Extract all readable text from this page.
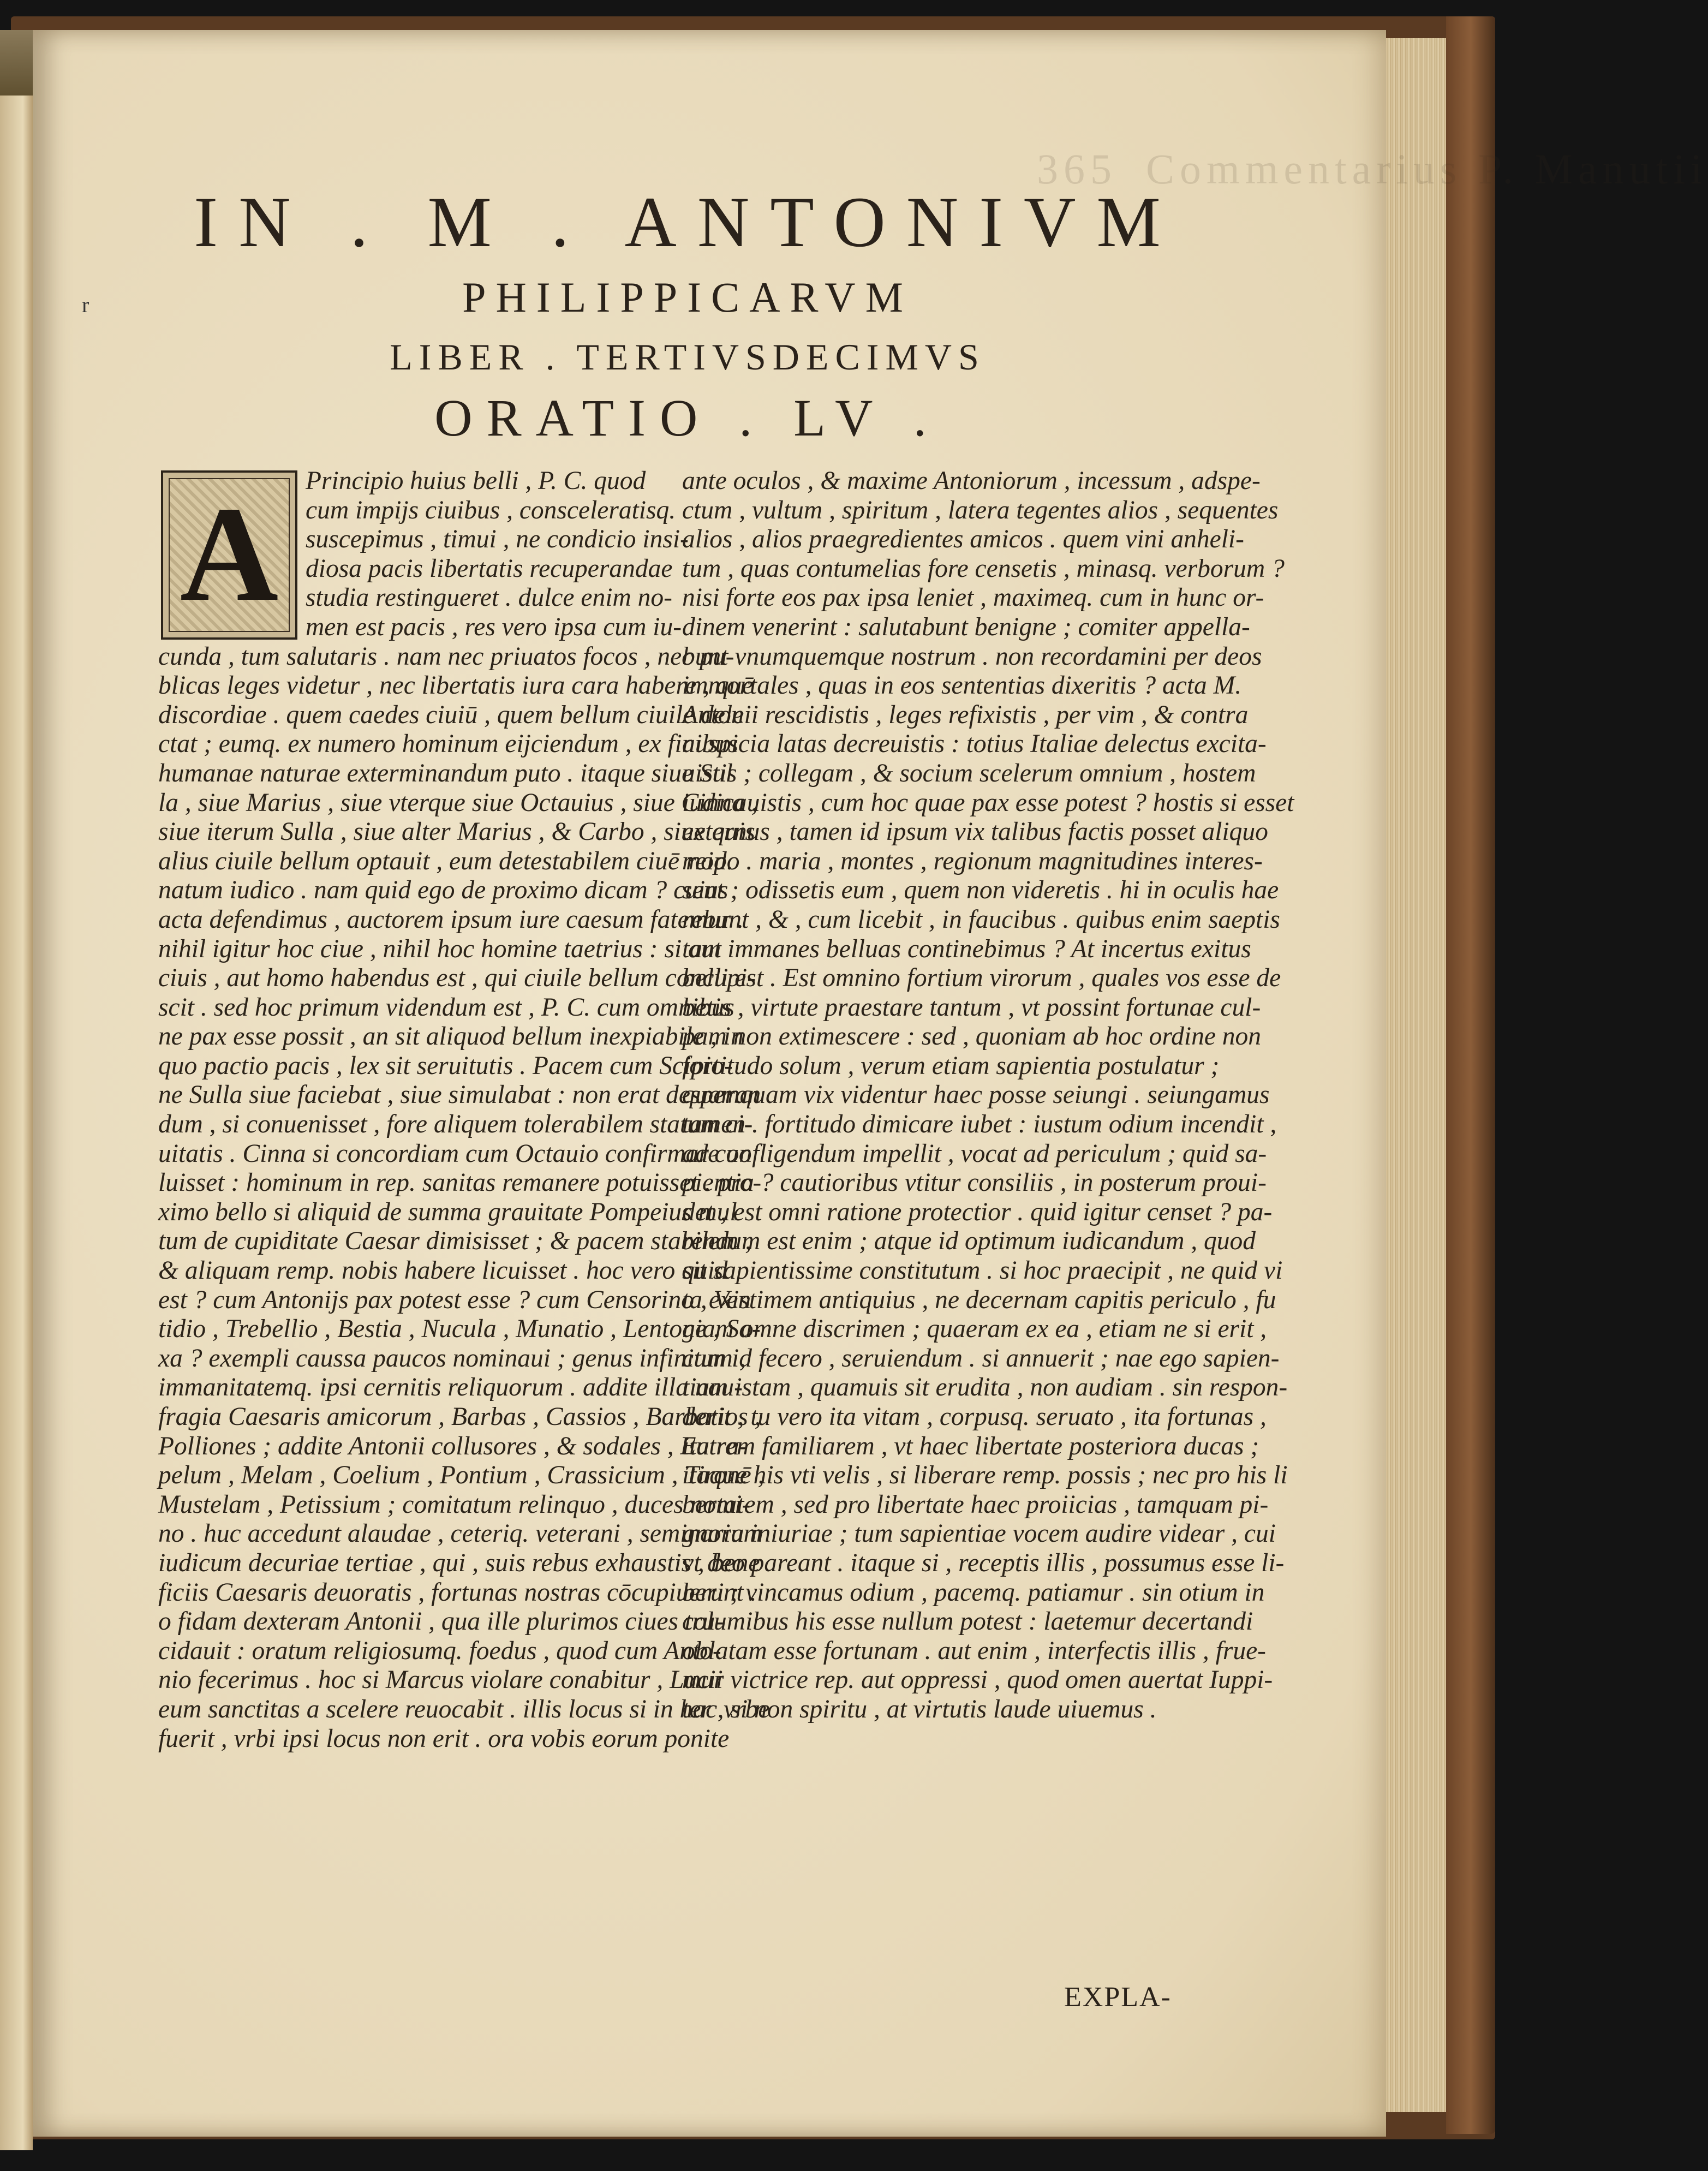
365 Commentarius P. Manutii
r
IN . M . ANTONIVM
PHILIPPICARVM
LIBER . TERTIVSDECIMVS
ORATIO . LV .
A	Principio huius belli , P. C. quod
cum impijs ciuibus , consceleratisq.
suscepimus , timui , ne condicio insi-
diosa pacis libertatis recuperandae
studia restingueret . dulce enim no-
men est pacis , res vero ipsa cum iu-
cunda , tum salutaris . nam nec priuatos focos , nec pu-
blicas leges videtur , nec libertatis iura cara habere , quē
discordiae . quem caedes ciuiū , quem bellum ciuile dele
ctat ; eumq. ex numero hominum eijciendum , ex finibus
humanae naturae exterminandum puto . itaque siue Sul
la , siue Marius , siue vterque siue Octauius , siue Cinna ,
siue iterum Sulla , siue alter Marius , & Carbo , siue quis
alius ciuile bellum optauit , eum detestabilem ciuē reip.
natum iudico . nam quid ego de proximo dicam ? cuius
acta defendimus , auctorem ipsum iure caesum fatemur .
nihil igitur hoc ciue , nihil hoc homine taetrius : si aut
ciuis , aut homo habendus est , qui ciuile bellum concupi-
scit . sed hoc primum videndum est , P. C. cum omnibus
ne pax esse possit , an sit aliquod bellum inexpiabile , in
quo pactio pacis , lex sit seruitutis . Pacem cum Scipio-
ne Sulla siue faciebat , siue simulabat : non erat desperan
dum , si conuenisset , fore aliquem tolerabilem statum ci-
uitatis . Cinna si concordiam cum Octauio confirmare uo
luisset : hominum in rep. sanitas remanere potuisset . pro-
ximo bello si aliquid de summa grauitate Pompeius mul
tum de cupiditate Caesar dimisisset ; & pacem stabilem ,
& aliquam remp. nobis habere licuisset . hoc vero quid
est ? cum Antonijs pax potest esse ? cum Censorino , Ven
tidio , Trebellio , Bestia , Nucula , Munatio , Lentone , Sa-
xa ? exempli caussa paucos nominaui ; genus infinitum ,
immanitatemq. ipsi cernitis reliquorum . addite illa nau-
fragia Caesaris amicorum , Barbas , Cassios , Barbatios ,
Polliones ; addite Antonii collusores , & sodales , Eutra-
pelum , Melam , Coelium , Pontium , Crassicium , Tironē ,
Mustelam , Petissium ; comitatum relinquo , duces nomi-
no . huc accedunt alaudae , ceteriq. veterani , seminarium
iudicum decuriae tertiae , qui , suis rebus exhaustis , bene
ficiis Caesaris deuoratis , fortunas nostras cōcupiuerunt .
o fidam dexteram Antonii , qua ille plurimos ciues tru-
cidauit : oratum religiosumq. foedus , quod cum Anto-
nio fecerimus . hoc si Marcus violare conabitur , Lucii
eum sanctitas a scelere reuocabit . illis locus si in hac vrbe
fuerit , vrbi ipsi locus non erit . ora vobis eorum ponite
ante oculos , & maxime Antoniorum , incessum , adspe-
ctum , vultum , spiritum , latera tegentes alios , sequentes
alios , alios praegredientes amicos . quem vini anheli-
tum , quas contumelias fore censetis , minasq. verborum ?
nisi forte eos pax ipsa leniet , maximeq. cum in hunc or-
dinem venerint : salutabunt benigne ; comiter appella-
bunt vnumquemque nostrum . non recordamini per deos
immortales , quas in eos sententias dixeritis ? acta M.
Antonii rescidistis , leges refixistis , per vim , & contra
auspicia latas decreuistis : totius Italiae delectus excita-
uistis ; collegam , & socium scelerum omnium , hostem
iudicauistis , cum hoc quae pax esse potest ? hostis si esset
externus , tamen id ipsum vix talibus factis posset aliquo
modo . maria , montes , regionum magnitudines interes-
sent ; odissetis eum , quem non videretis . hi in oculis hae
rebunt , & , cum licebit , in faucibus . quibus enim saeptis
tam immanes belluas continebimus ? At incertus exitus
belli est . Est omnino fortium virorum , quales vos esse de
betis , virtute praestare tantum , vt possint fortunae cul-
pam non extimescere : sed , quoniam ab hoc ordine non
fortitudo solum , verum etiam sapientia postulatur ;
quamquam vix videntur haec posse seiungi . seiungamus
tamen . fortitudo dimicare iubet : iustum odium incendit ,
ad confligendum impellit , vocat ad periculum ; quid sa-
pientia ? cautioribus vtitur consiliis , in posterum proui-
det , est omni ratione protectior . quid igitur censet ? pa-
rendum est enim ; atque id optimum iudicandum , quod
sit sapientissime constitutum . si hoc praecipit , ne quid vi
ta existimem antiquius , ne decernam capitis periculo , fu
giam omne discrimen ; quaeram ex ea , etiam ne si erit ,
cum id fecero , seruiendum . si annuerit ; nae ego sapien-
tiam istam , quamuis sit erudita , non audiam . sin respon-
derit , tu vero ita vitam , corpusq. seruato , ita fortunas ,
ita rem familiarem , vt haec libertate posteriora ducas ;
itaque his vti velis , si liberare remp. possis ; nec pro his li
bertatem , sed pro libertate haec proiicias , tamquam pi-
gnora iniuriae ; tum sapientiae vocem audire videar , cui
vt deo pareant . itaque si , receptis illis , possumus esse li-
beri ; vincamus odium , pacemq. patiamur . sin otium in
columibus his esse nullum potest : laetemur decertandi
oblatam esse fortunam . aut enim , interfectis illis , frue-
mur victrice rep. aut oppressi , quod omen auertat Iuppi-
ter , si non spiritu , at virtutis laude uiuemus .
EXPLA-
